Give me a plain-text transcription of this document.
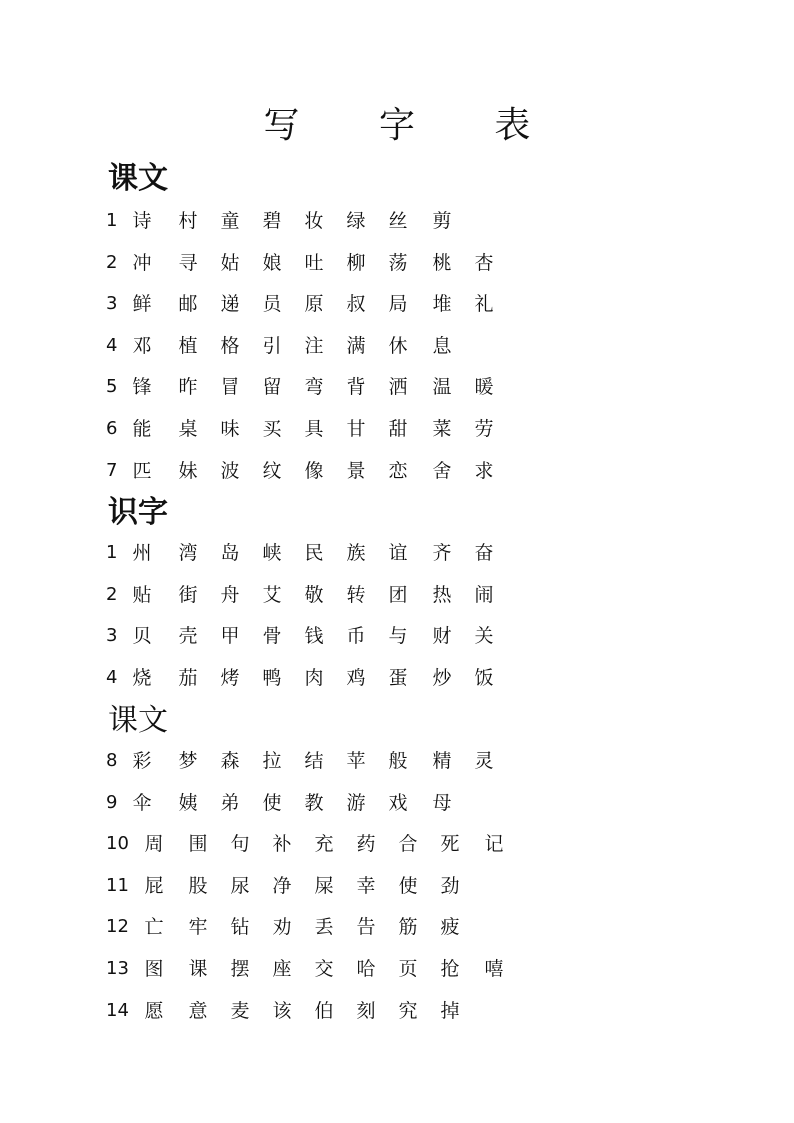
写 字 表
课文
1 诗 村 童 碧 妆 绿 丝 剪
2 冲 寻 姑 娘 吐 柳 荡 桃 杏
3 鲜 邮 递 员 原 叔 局 堆 礼
4 邓 植 格 引 注 满 休 息
5 锋 昨 冒 留 弯 背 洒 温 暖
6 能 桌 味 买 具 甘 甜 菜 劳
7 匹 妹 波 纹 像 景 恋 舍 求
识字
1 州 湾 岛 峡 民 族 谊 齐 奋
2 贴 街 舟 艾 敬 转 团 热 闹
3 贝 壳 甲 骨 钱 币 与 财 关
4 烧 茄 烤 鸭 肉 鸡 蛋 炒 饭
课文
8 彩 梦 森 拉 结 苹 般 精 灵
9 伞 姨 弟 使 教 游 戏 母
10 周 围 句 补 充 药 合 死 记
11 屁 股 尿 净 屎 幸 使 劲
12 亡 牢 钻 劝 丢 告 筋 疲
13 图 课 摆 座 交 哈 页 抢 嘻
14 愿 意 麦 该 伯 刻 究 掉
